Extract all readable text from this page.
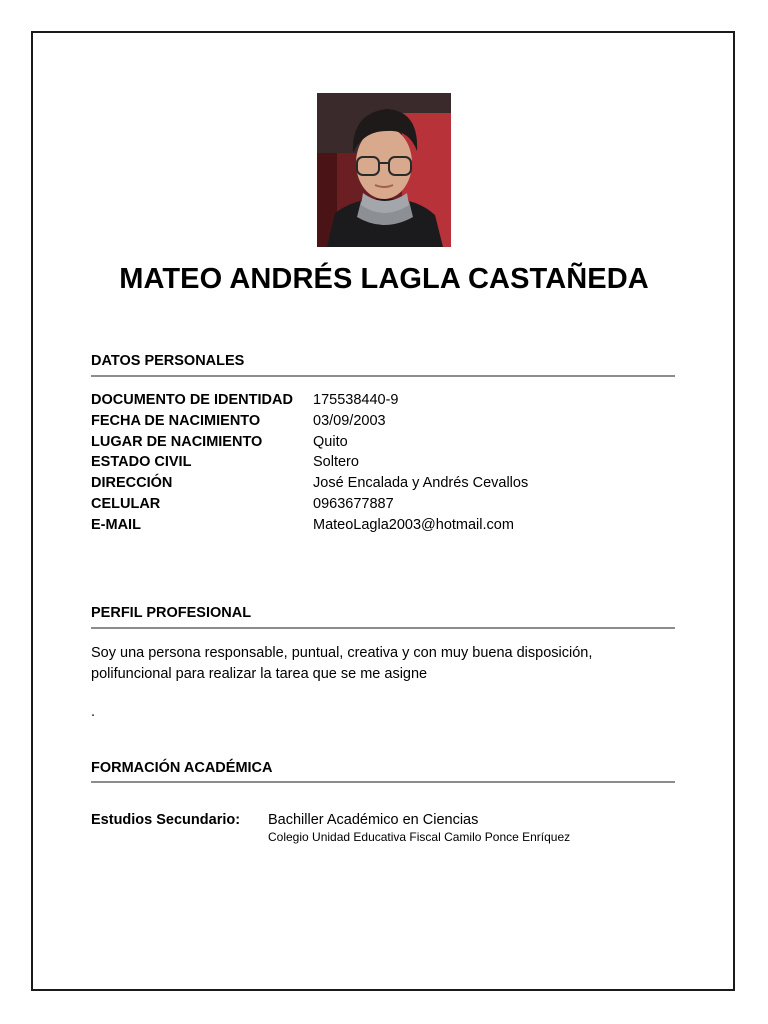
MATEO ANDRÉS LAGLA CASTAÑEDA
DATOS PERSONALES
DOCUMENTO DE IDENTIDAD 175538440-9
FECHA DE NACIMIENTO	03/09/2003
LUGAR DE NACIMIENTO	Quito
ESTADO CIVIL	Soltero
DIRECCIÓN	José Encalada y Andrés Cevallos
CELULAR	0963677887
E-MAIL	MateoLagla2003@hotmail.com
PERFIL PROFESIONAL
Soy una persona responsable, puntual, creativa y con muy buena disposición, polifuncional para realizar la tarea que se me asigne
.
FORMACIÓN ACADÉMICA
Estudios Secundario: Bachiller Académico en Ciencias
Colegio Unidad Educativa Fiscal Camilo Ponce Enríquez
